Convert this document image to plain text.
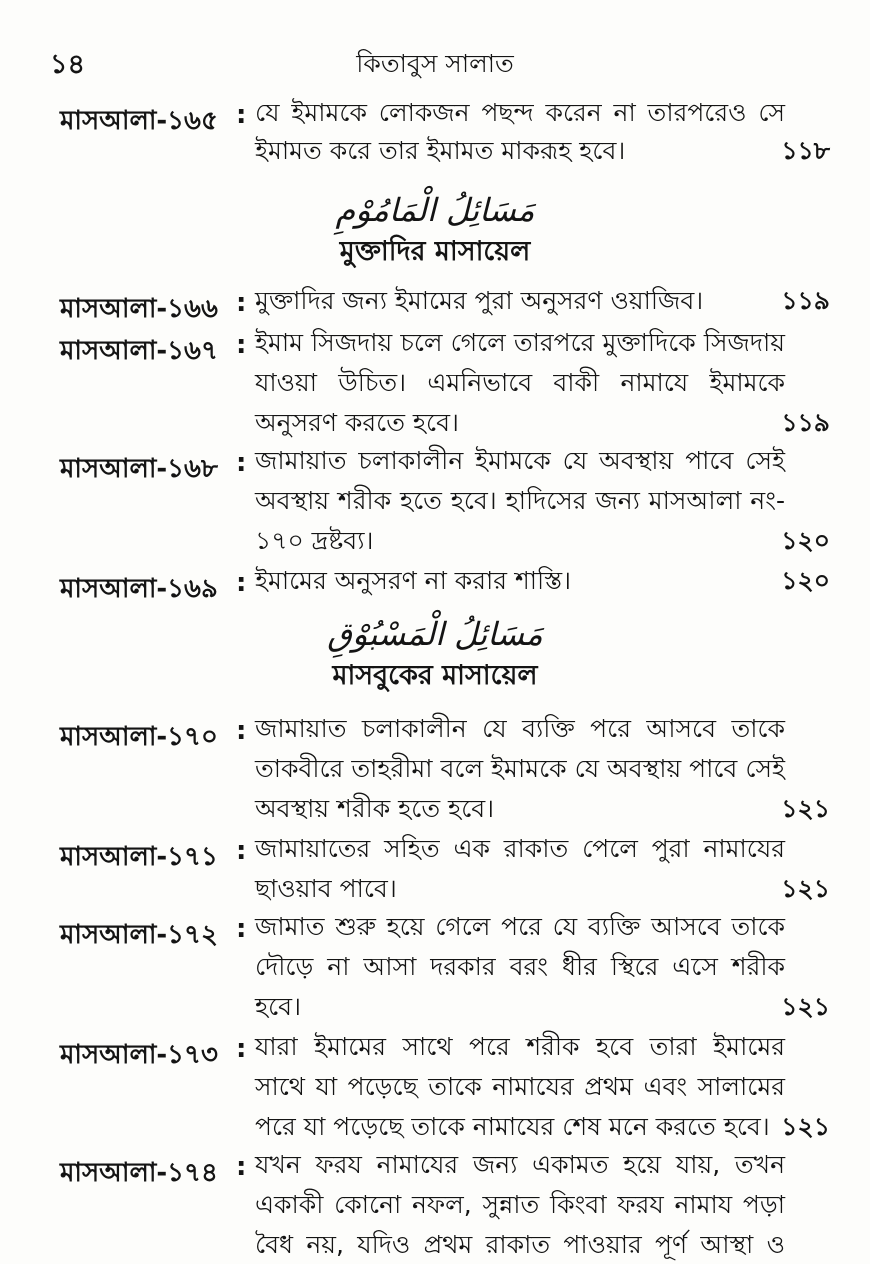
১৪	কিতাবুস সালাত
মাসআলা-১৬৫ : যে ইমামকে লোকজন পছন্দ করেন না তারপরেও সে
ইমামত করে তার ইমামত মাকরূহ হবে।	১১৮
مَسَائِلُ الْمَامُوْمِ
মুক্তাদির মাসায়েল
মাসআলা-১৬৬ : মুক্তাদির জন্য ইমামের পুরা অনুসরণ ওয়াজিব।	১১৯
মাসআলা-১৬৭ : ইমাম সিজদায় চলে গেলে তারপরে মুক্তাদিকে সিজদায়
যাওয়া উচিত। এমনিভাবে বাকী নামাযে ইমামকে
অনুসরণ করতে হবে।	১১৯
মাসআলা-১৬৮ : জামায়াত চলাকালীন ইমামকে যে অবস্থায় পাবে সেই
অবস্থায় শরীক হতে হবে। হাদিসের জন্য মাসআলা নং-
১৭০ দ্রষ্টব্য।	১২০
মাসআলা-১৬৯ : ইমামের অনুসরণ না করার শাস্তি।	১২০
مَسَائِلُ الْمَسْبُوْقِ
মাসবুকের মাসায়েল
মাসআলা-১৭০ : জামায়াত চলাকালীন যে ব্যক্তি পরে আসবে তাকে
তাকবীরে তাহরীমা বলে ইমামকে যে অবস্থায় পাবে সেই
অবস্থায় শরীক হতে হবে।	১২১
মাসআলা-১৭১ : জামায়াতের সহিত এক রাকাত পেলে পুরা নামাযের
ছাওয়াব পাবে।	১২১
মাসআলা-১৭২ : জামাত শুরু হয়ে গেলে পরে যে ব্যক্তি আসবে তাকে
দৌড়ে না আসা দরকার বরং ধীর স্থিরে এসে শরীক
হবে।	১২১
মাসআলা-১৭৩ : যারা ইমামের সাথে পরে শরীক হবে তারা ইমামের
সাথে যা পড়েছে তাকে নামাযের প্রথম এবং সালামের
পরে যা পড়েছে তাকে নামাযের শেষ মনে করতে হবে। ১২১
মাসআলা-১৭৪ : যখন ফরয নামাযের জন্য একামত হয়ে যায়, তখন
একাকী কোনো নফল, সুন্নাত কিংবা ফরয নামায পড়া
বৈধ নয়, যদিও প্রথম রাকাত পাওয়ার পূর্ণ আস্থা ও
